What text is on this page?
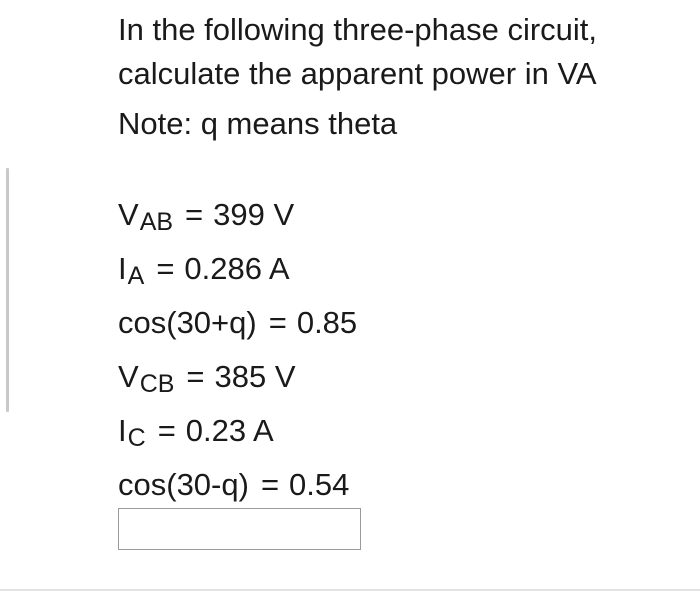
In the following three-phase circuit,

calculate the apparent power in VA

Note: q means theta
VAB = 399 V
IA = 0.286 A
cos(30+q) = 0.85
VCB = 385 V
IC = 0.23 A
cos(30-q) = 0.54
